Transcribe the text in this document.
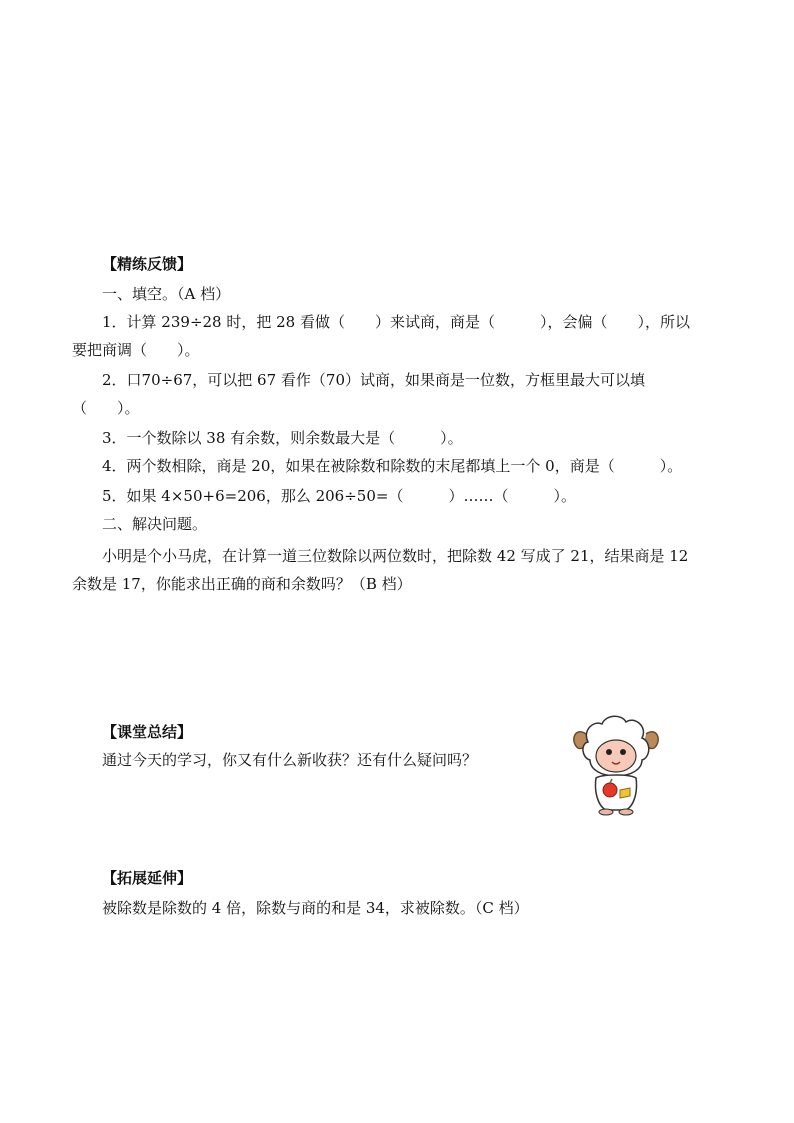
【精练反馈】
一、填空。（A 档）
1．计算 239÷28 时，把 28 看做（　　）来试商，商是（　　　），会偏（　　），所以
要把商调（　　）。
2．口70÷67，可以把 67 看作（70）试商，如果商是一位数，方框里最大可以填
（　　）。
3．一个数除以 38 有余数，则余数最大是（　　　）。
4．两个数相除，商是 20，如果在被除数和除数的末尾都填上一个 0，商是（　　　）。
5．如果 4×50+6=206，那么 206÷50=（　　　）……（　　　）。
二、解决问题。
小明是个小马虎，在计算一道三位数除以两位数时，把除数 42 写成了 21，结果商是 12
余数是 17，你能求出正确的商和余数吗？（B 档）
【课堂总结】
通过今天的学习，你又有什么新收获？还有什么疑问吗？
【拓展延伸】
被除数是除数的 4 倍，除数与商的和是 34，求被除数。（C 档）
